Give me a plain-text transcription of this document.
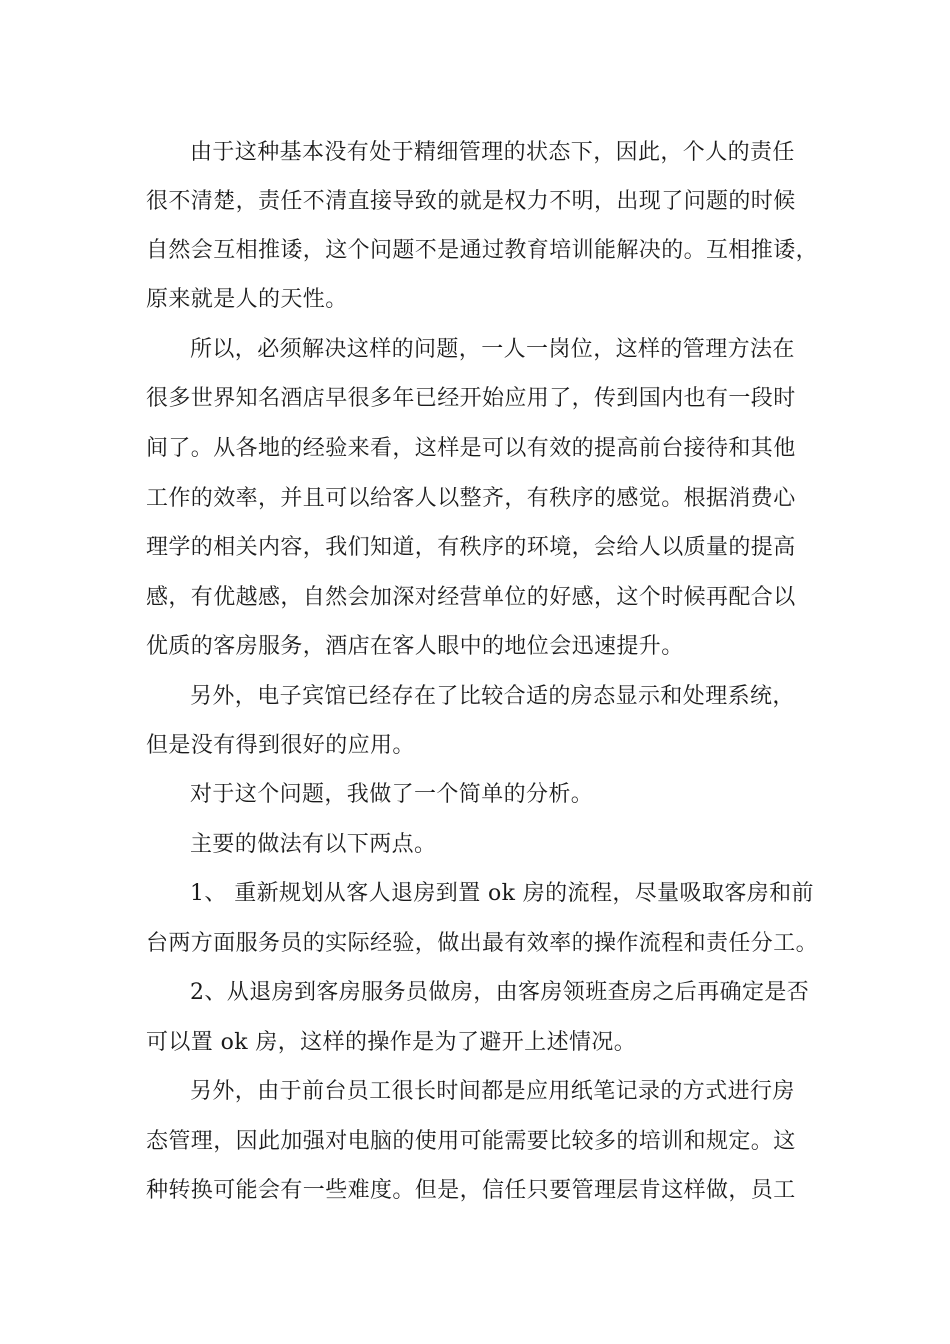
由于这种基本没有处于精细管理的状态下，因此，个人的责任
很不清楚，责任不清直接导致的就是权力不明，出现了问题的时候
自然会互相推诿，这个问题不是通过教育培训能解决的。互相推诿，
原来就是人的天性。
所以，必须解决这样的问题，一人一岗位，这样的管理方法在
很多世界知名酒店早很多年已经开始应用了，传到国内也有一段时
间了。从各地的经验来看，这样是可以有效的提高前台接待和其他
工作的效率，并且可以给客人以整齐，有秩序的感觉。根据消费心
理学的相关内容，我们知道，有秩序的环境，会给人以质量的提高
感，有优越感，自然会加深对经营单位的好感，这个时候再配合以
优质的客房服务，酒店在客人眼中的地位会迅速提升。
另外，电子宾馆已经存在了比较合适的房态显示和处理系统，
但是没有得到很好的应用。
对于这个问题，我做了一个简单的分析。
主要的做法有以下两点。
1、 重新规划从客人退房到置 ok 房的流程，尽量吸取客房和前
台两方面服务员的实际经验，做出最有效率的操作流程和责任分工。
2、从退房到客房服务员做房，由客房领班查房之后再确定是否
可以置 ok 房，这样的操作是为了避开上述情况。
另外，由于前台员工很长时间都是应用纸笔记录的方式进行房
态管理，因此加强对电脑的使用可能需要比较多的培训和规定。这
种转换可能会有一些难度。但是，信任只要管理层肯这样做，员工
